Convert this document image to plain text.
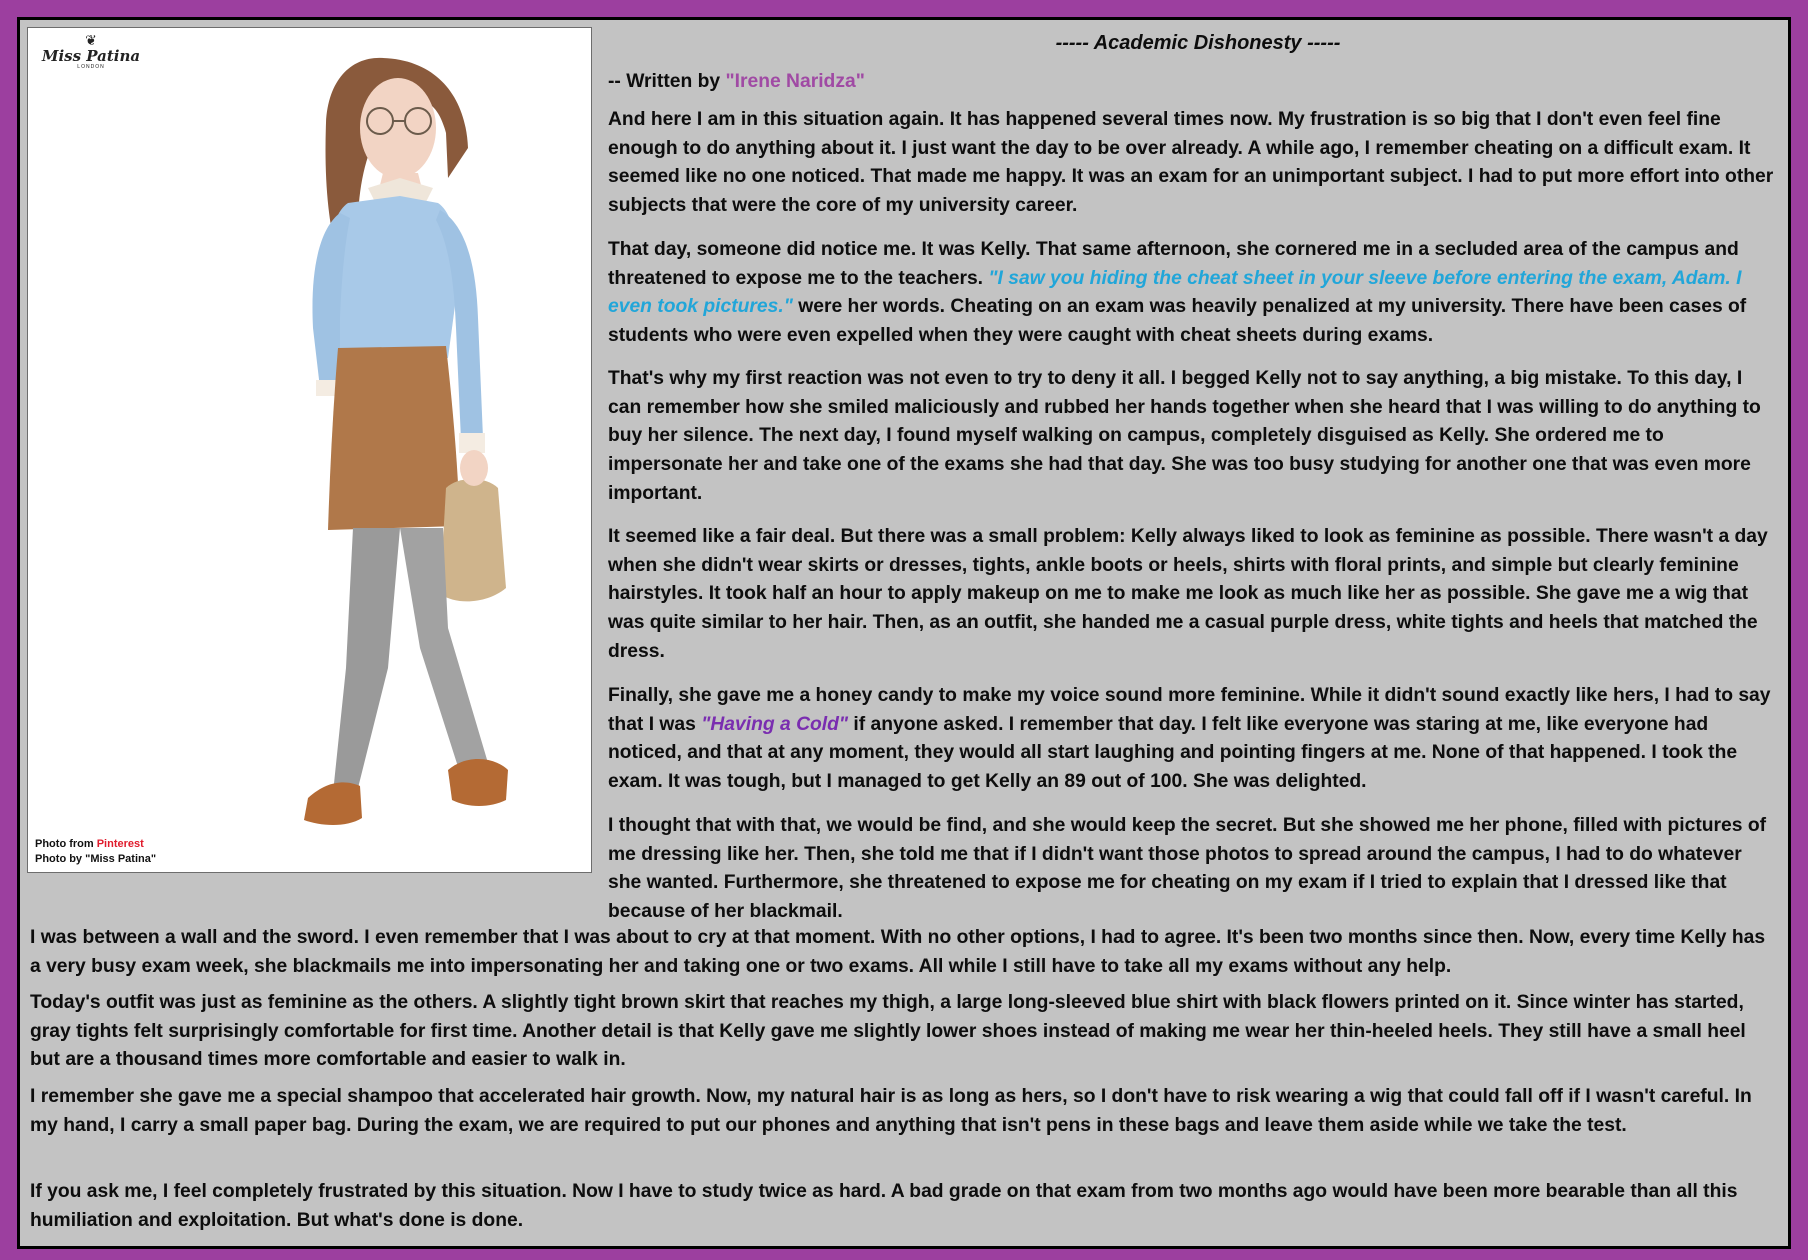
❦
Miss Patina
LONDON
Photo from Pinterest
Photo by "Miss Patina"
----- Academic Dishonesty -----
-- Written by "Irene Naridza"

And here I am in this situation again. It has happened several times now. My frustration is so big that I don't even feel fine enough to do anything about it. I just want the day to be over already. A while ago, I remember cheating on a difficult exam. It seemed like no one noticed. That made me happy. It was an exam for an unimportant subject. I had to put more effort into other subjects that were the core of my university career.

That day, someone did notice me. It was Kelly. That same afternoon, she cornered me in a secluded area of the campus and threatened to expose me to the teachers. "I saw you hiding the cheat sheet in your sleeve before entering the exam, Adam. I even took pictures." were her words. Cheating on an exam was heavily penalized at my university. There have been cases of students who were even expelled when they were caught with cheat sheets during exams.

That's why my first reaction was not even to try to deny it all. I begged Kelly not to say anything, a big mistake. To this day, I can remember how she smiled maliciously and rubbed her hands together when she heard that I was willing to do anything to buy her silence. The next day, I found myself walking on campus, completely disguised as Kelly. She ordered me to impersonate her and take one of the exams she had that day. She was too busy studying for another one that was even more important.

It seemed like a fair deal. But there was a small problem: Kelly always liked to look as feminine as possible. There wasn't a day when she didn't wear skirts or dresses, tights, ankle boots or heels, shirts with floral prints, and simple but clearly feminine hairstyles. It took half an hour to apply makeup on me to make me look as much like her as possible. She gave me a wig that was quite similar to her hair. Then, as an outfit, she handed me a casual purple dress, white tights and heels that matched the dress.

Finally, she gave me a honey candy to make my voice sound more feminine. While it didn't sound exactly like hers, I had to say that I was "Having a Cold" if anyone asked. I remember that day. I felt like everyone was staring at me, like everyone had noticed, and that at any moment, they would all start laughing and pointing fingers at me. None of that happened. I took the exam. It was tough, but I managed to get Kelly an 89 out of 100. She was delighted.

I thought that with that, we would be find, and she would keep the secret. But she showed me her phone, filled with pictures of me dressing like her. Then, she told me that if I didn't want those photos to spread around the campus, I had to do whatever she wanted. Furthermore, she threatened to expose me for cheating on my exam if I tried to explain that I dressed like that because of her blackmail.

I was between a wall and the sword. I even remember that I was about to cry at that moment. With no other options, I had to agree. It's been two months since then. Now, every time Kelly has a very busy exam week, she blackmails me into impersonating her and taking one or two exams. All while I still have to take all my exams without any help.

Today's outfit was just as feminine as the others. A slightly tight brown skirt that reaches my thigh, a large long-sleeved blue shirt with black flowers printed on it. Since winter has started, gray tights felt surprisingly comfortable for first time. Another detail is that Kelly gave me slightly lower shoes instead of making me wear her thin-heeled heels. They still have a small heel but are a thousand times more comfortable and easier to walk in.

I remember she gave me a special shampoo that accelerated hair growth. Now, my natural hair is as long as hers, so I don't have to risk wearing a wig that could fall off if I wasn't careful. In my hand, I carry a small paper bag. During the exam, we are required to put our phones and anything that isn't pens in these bags and leave them aside while we take the test.

If you ask me, I feel completely frustrated by this situation. Now I have to study twice as hard. A bad grade on that exam from two months ago would have been more bearable than all this humiliation and exploitation. But what's done is done.
